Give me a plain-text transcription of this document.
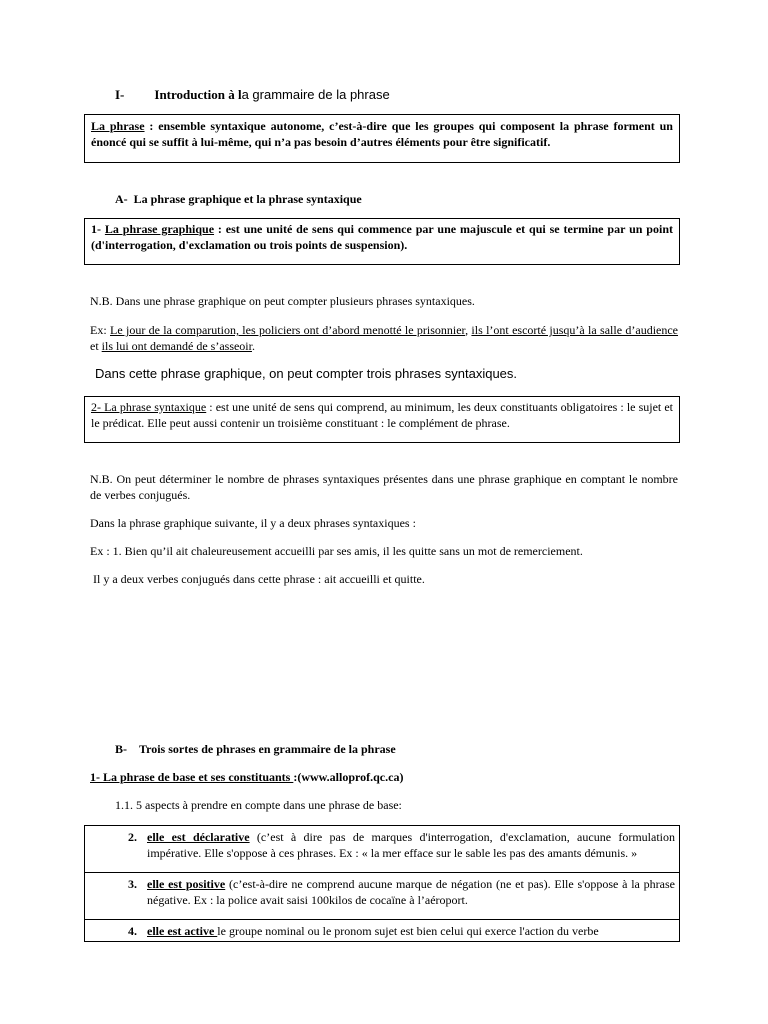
I- Introduction à la grammaire de la phrase
La phrase : ensemble syntaxique autonome, c’est-à-dire que les groupes qui composent la phrase forment un énoncé qui se suffit à lui-même, qui n’a pas besoin d’autres éléments pour être significatif.
A- La phrase graphique et la phrase syntaxique
1- La phrase graphique : est une unité de sens qui commence par une majuscule et qui se termine par un point (d'interrogation, d'exclamation ou trois points de suspension).
N.B. Dans une phrase graphique on peut compter plusieurs phrases syntaxiques.
Ex: Le jour de la comparution, les policiers ont d’abord menotté le prisonnier, ils l’ont escorté jusqu’à la salle d’audience et ils lui ont demandé de s’asseoir.
Dans cette phrase graphique, on peut compter trois phrases syntaxiques.
2- La phrase syntaxique : est une unité de sens qui comprend, au minimum, les deux constituants obligatoires : le sujet et le prédicat. Elle peut aussi contenir un troisième constituant : le complément de phrase.
N.B. On peut déterminer le nombre de phrases syntaxiques présentes dans une phrase graphique en comptant le nombre de verbes conjugués.
Dans la phrase graphique suivante, il y a deux phrases syntaxiques :
Ex : 1. Bien qu’il ait chaleureusement accueilli par ses amis, il les quitte sans un mot de remerciement.
Il y a deux verbes conjugués dans cette phrase : ait accueilli et quitte.
B- Trois sortes de phrases en grammaire de la phrase
1- La phrase de base et ses constituants :(www.alloprof.qc.ca)
1.1. 5 aspects à prendre en compte dans une phrase de base:
2.	elle est déclarative (c’est à dire pas de marques d'interrogation, d'exclamation, aucune formulation impérative. Elle s'oppose à ces phrases. Ex : « la mer efface sur le sable les pas des amants démunis. »
3.	elle est positive (c’est-à-dire ne comprend aucune marque de négation (ne et pas). Elle s'oppose à la phrase négative. Ex : la police avait saisi 100kilos de cocaïne à l’aéroport.
4.	elle est active le groupe nominal ou le pronom sujet est bien celui qui exerce l'action du verbe
